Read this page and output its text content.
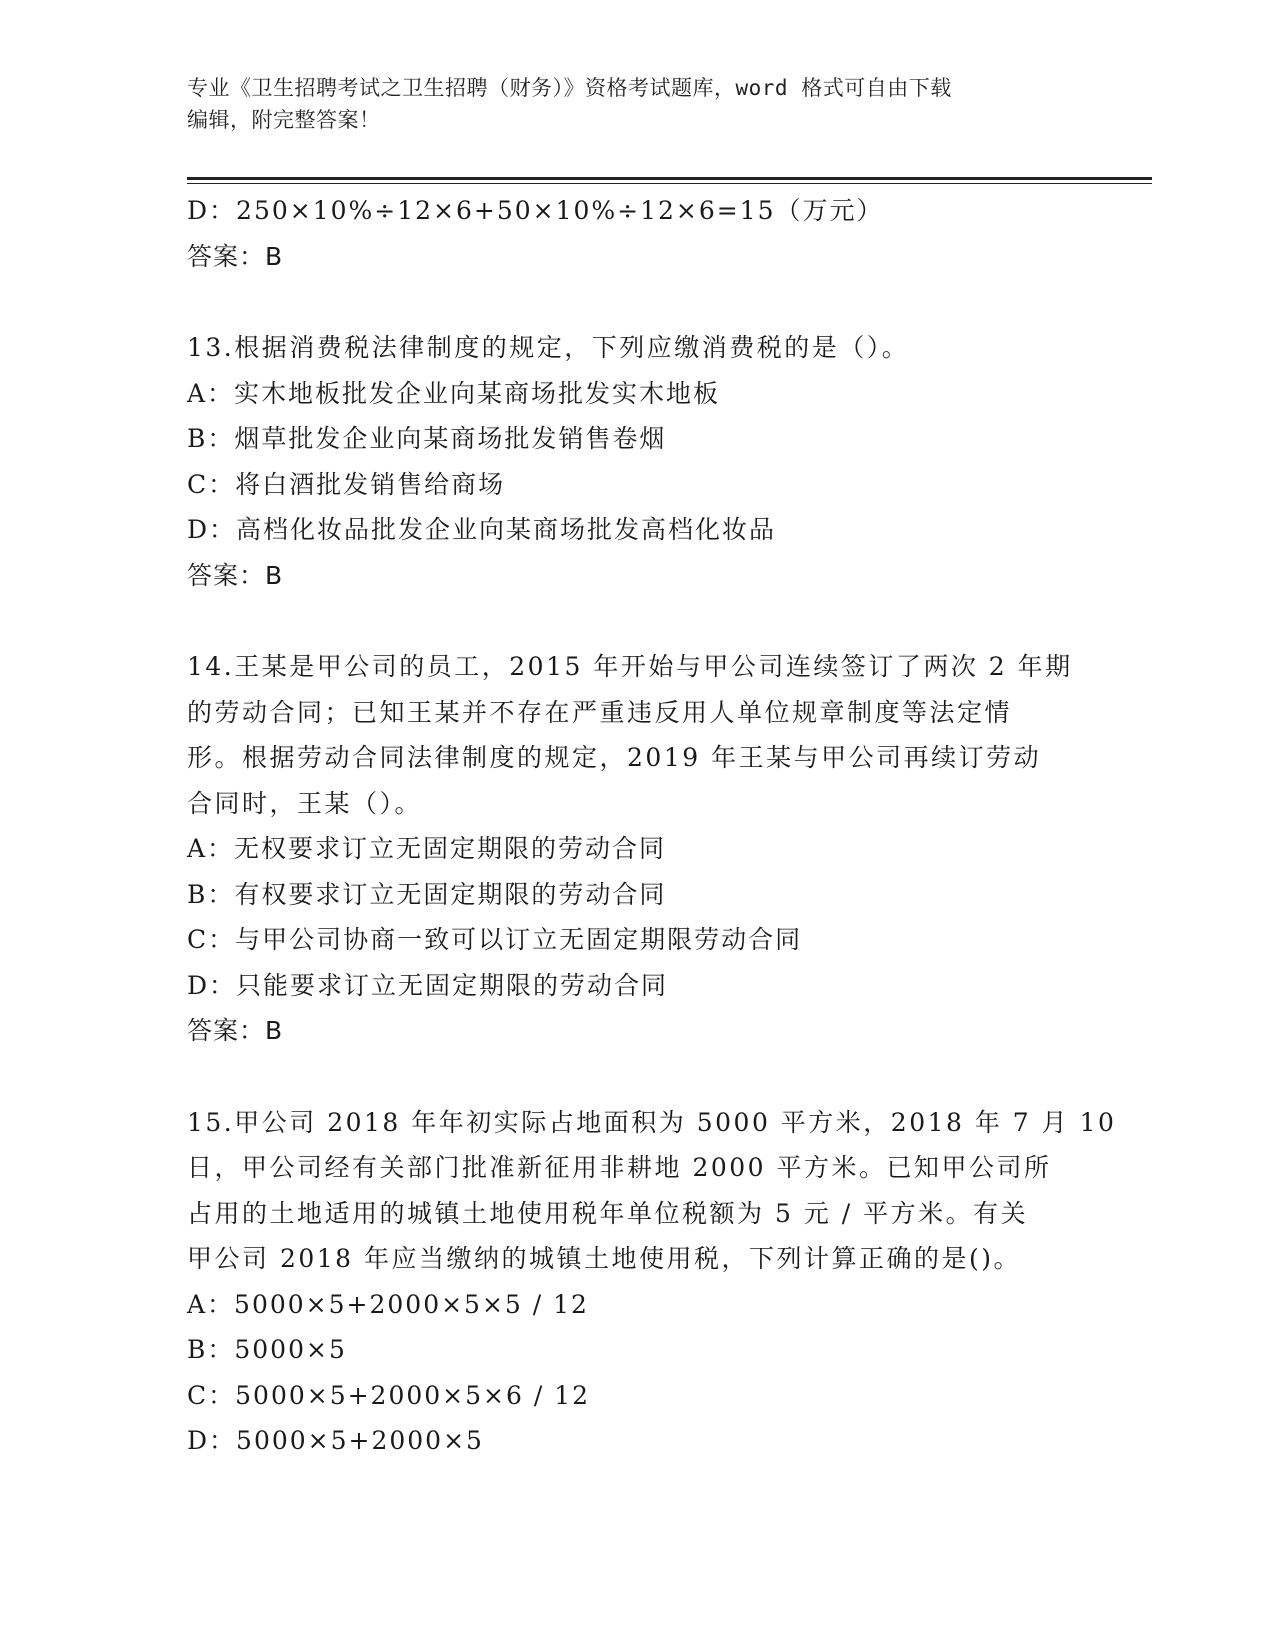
专业《卫生招聘考试之卫生招聘（财务）》资格考试题库，word 格式可自由下载
编辑，附完整答案！
D：250×10%÷12×6+50×10%÷12×6=15（万元）
答案：B
13.根据消费税法律制度的规定，下列应缴消费税的是（）。
A：实木地板批发企业向某商场批发实木地板
B：烟草批发企业向某商场批发销售卷烟
C：将白酒批发销售给商场
D：高档化妆品批发企业向某商场批发高档化妆品
答案：B
14.王某是甲公司的员工，2015 年开始与甲公司连续签订了两次 2 年期
的劳动合同；已知王某并不存在严重违反用人单位规章制度等法定情
形。根据劳动合同法律制度的规定，2019 年王某与甲公司再续订劳动
合同时，王某（）。
A：无权要求订立无固定期限的劳动合同
B：有权要求订立无固定期限的劳动合同
C：与甲公司协商一致可以订立无固定期限劳动合同
D：只能要求订立无固定期限的劳动合同
答案：B
15.甲公司 2018 年年初实际占地面积为 5000 平方米，2018 年 7 月 10
日，甲公司经有关部门批准新征用非耕地 2000 平方米。已知甲公司所
占用的土地适用的城镇土地使用税年单位税额为 5 元 / 平方米。有关
甲公司 2018 年应当缴纳的城镇土地使用税，下列计算正确的是()。
A：5000×5+2000×5×5 / 12
B：5000×5
C：5000×5+2000×5×6 / 12
D：5000×5+2000×5
